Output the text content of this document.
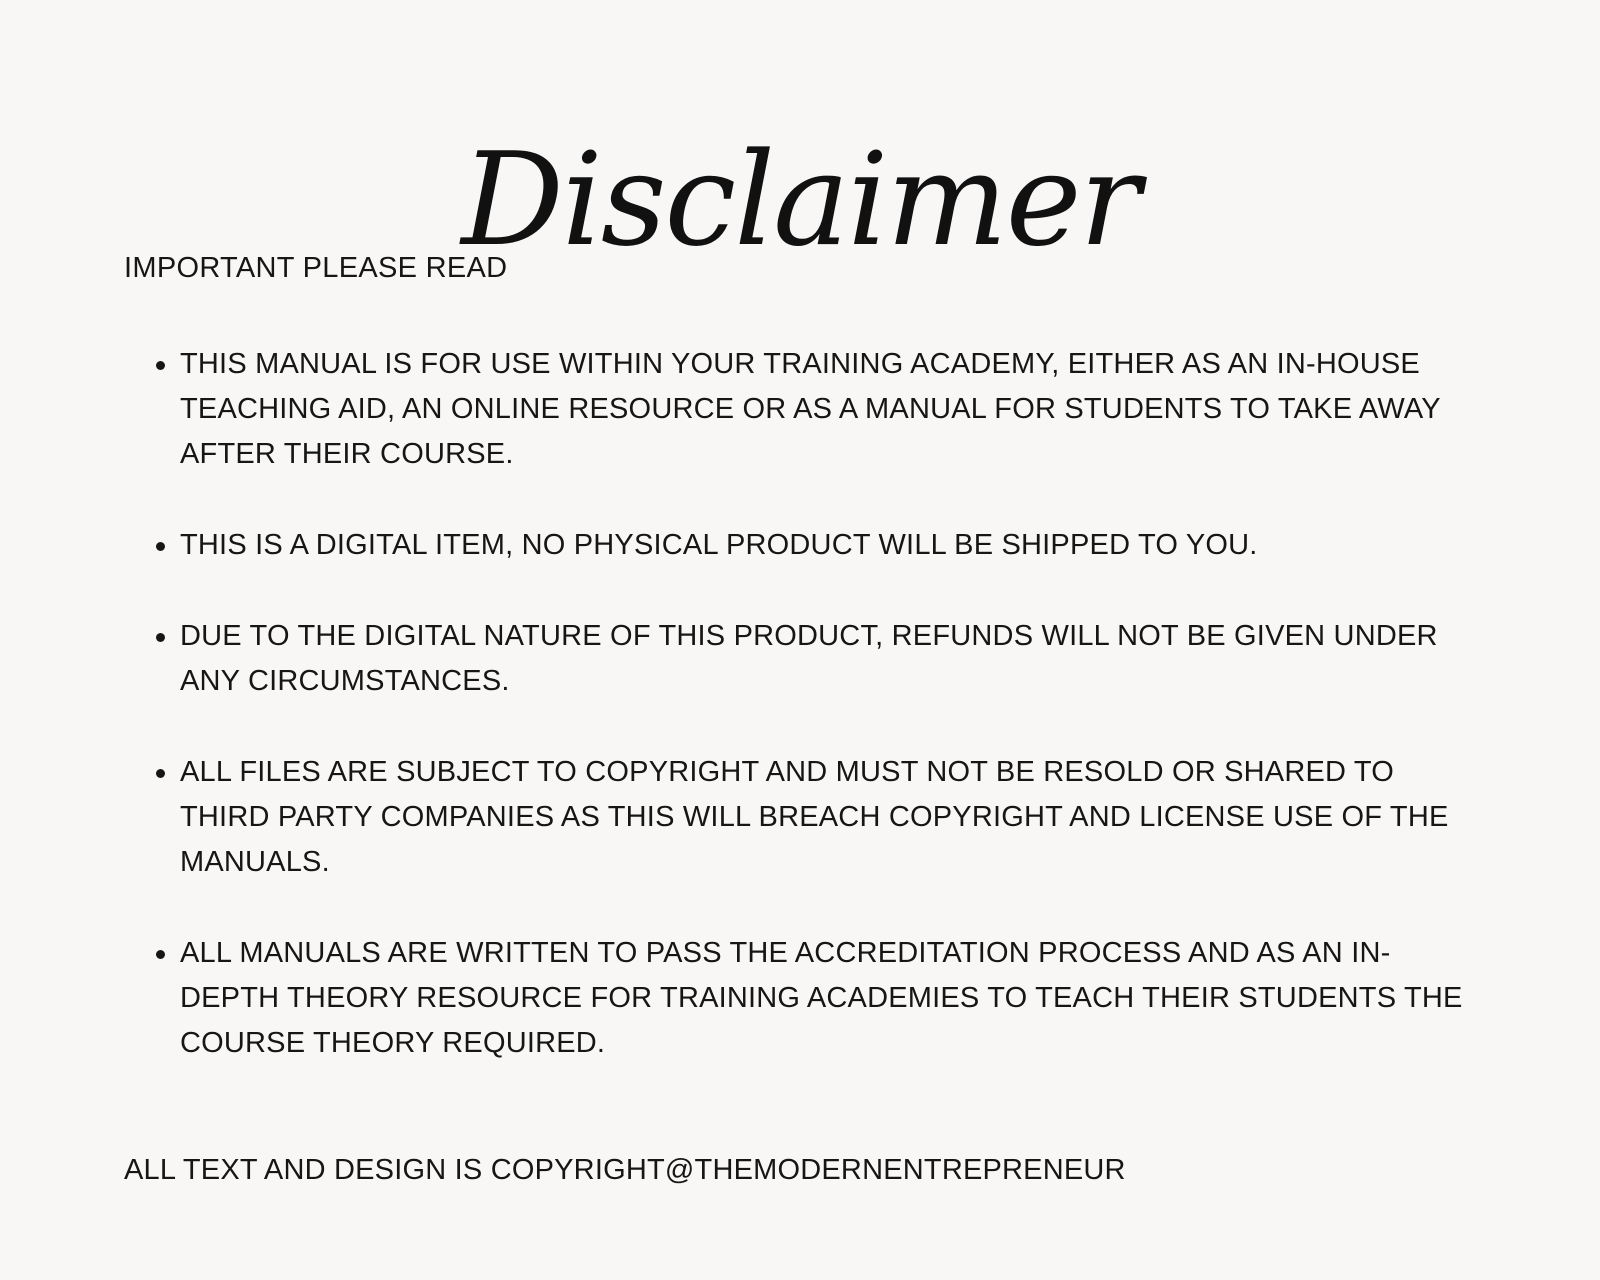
Disclaimer
IMPORTANT PLEASE READ
THIS MANUAL IS FOR USE WITHIN YOUR TRAINING ACADEMY, EITHER AS AN IN-HOUSE TEACHING AID, AN ONLINE RESOURCE OR AS A MANUAL FOR STUDENTS TO TAKE AWAY AFTER THEIR COURSE.
THIS IS A DIGITAL ITEM, NO PHYSICAL PRODUCT WILL BE SHIPPED TO YOU.
DUE TO THE DIGITAL NATURE OF THIS PRODUCT, REFUNDS WILL NOT BE GIVEN UNDER ANY CIRCUMSTANCES.
ALL FILES ARE SUBJECT TO COPYRIGHT AND MUST NOT BE RESOLD OR SHARED TO THIRD PARTY COMPANIES AS THIS WILL BREACH COPYRIGHT AND LICENSE USE OF THE MANUALS.
ALL MANUALS ARE WRITTEN TO PASS THE ACCREDITATION PROCESS AND AS AN IN-DEPTH THEORY RESOURCE FOR TRAINING ACADEMIES TO TEACH THEIR STUDENTS THE COURSE THEORY REQUIRED.
ALL TEXT AND DESIGN IS COPYRIGHT@THEMODERNENTREPRENEUR
